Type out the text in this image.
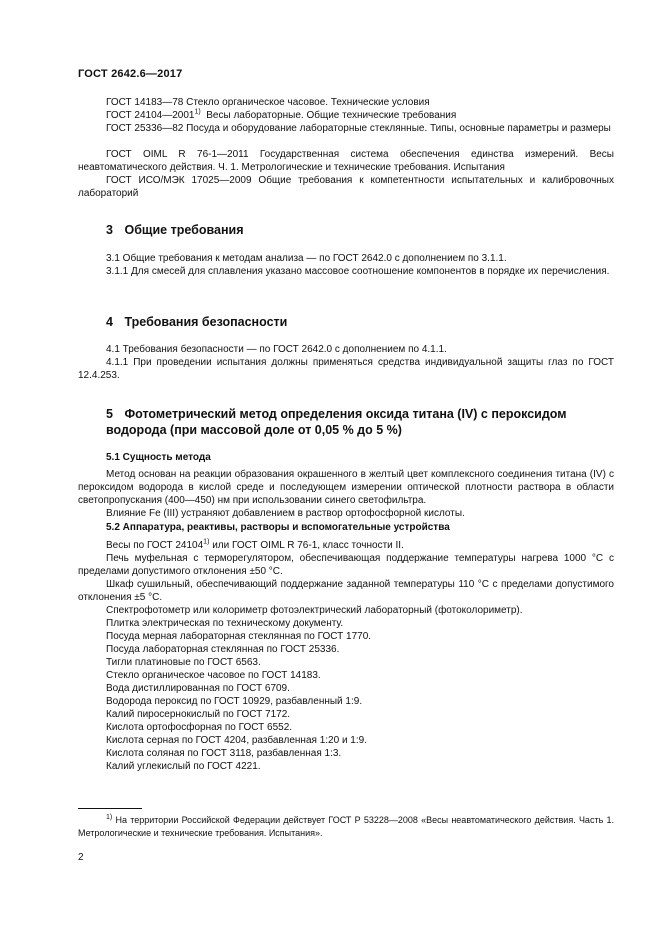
ГОСТ 2642.6—2017
ГОСТ 14183—78 Стекло органическое часовое. Технические условия
ГОСТ 24104—2001$^{1)}$ Весы лабораторные. Общие технические требования
ГОСТ 25336—82 Посуда и оборудование лабораторные стеклянные. Типы, основные параметры и размеры
ГОСТ OIML R 76-1—2011 Государственная система обеспечения единства измерений. Весы неавтоматического действия. Ч. 1. Метрологические и технические требования. Испытания
ГОСТ ИСО/МЭК 17025—2009 Общие требования к компетентности испытательных и калибровочных лабораторий
3 Общие требования
3.1 Общие требования к методам анализа — по ГОСТ 2642.0 с дополнением по 3.1.1.
3.1.1 Для смесей для сплавления указано массовое соотношение компонентов в порядке их перечисления.
4 Требования безопасности
4.1 Требования безопасности — по ГОСТ 2642.0 с дополнением по 4.1.1.
4.1.1 При проведении испытания должны применяться средства индивидуальной защиты глаз по ГОСТ 12.4.253.
5 Фотометрический метод определения оксида титана (IV) с пероксидом водорода (при массовой доле от 0,05 % до 5 %)
5.1 Сущность метода
Метод основан на реакции образования окрашенного в желтый цвет комплексного соединения титана (IV) с пероксидом водорода в кислой среде и последующем измерении оптической плотности раствора в области светопропускания (400—450) нм при использовании синего светофильтра.
Влияние Fe (III) устраняют добавлением в раствор ортофосфорной кислоты.
5.2 Аппаратура, реактивы, растворы и вспомогательные устройства
Весы по ГОСТ 24104$^{1)}$ или ГОСТ OIML R 76-1, класс точности II.
Печь муфельная с терморегулятором, обеспечивающая поддержание температуры нагрева 1000 °С с пределами допустимого отклонения ±50 °С.
Шкаф сушильный, обеспечивающий поддержание заданной температуры 110 °С с пределами допустимого отклонения ±5 °С.
Спектрофотометр или колориметр фотоэлектрический лабораторный (фотоколориметр).
Плитка электрическая по техническому документу.
Посуда мерная лабораторная стеклянная по ГОСТ 1770.
Посуда лабораторная стеклянная по ГОСТ 25336.
Тигли платиновые по ГОСТ 6563.
Стекло органическое часовое по ГОСТ 14183.
Вода дистиллированная по ГОСТ 6709.
Водорода пероксид по ГОСТ 10929, разбавленный 1:9.
Калий пиросернокислый по ГОСТ 7172.
Кислота ортофосфорная по ГОСТ 6552.
Кислота серная по ГОСТ 4204, разбавленная 1:20 и 1:9.
Кислота соляная по ГОСТ 3118, разбавленная 1:3.
Калий углекислый по ГОСТ 4221.
$^{1)}$ На территории Российской Федерации действует ГОСТ Р 53228—2008 «Весы неавтоматического действия. Часть 1. Метрологические и технические требования. Испытания».
2
